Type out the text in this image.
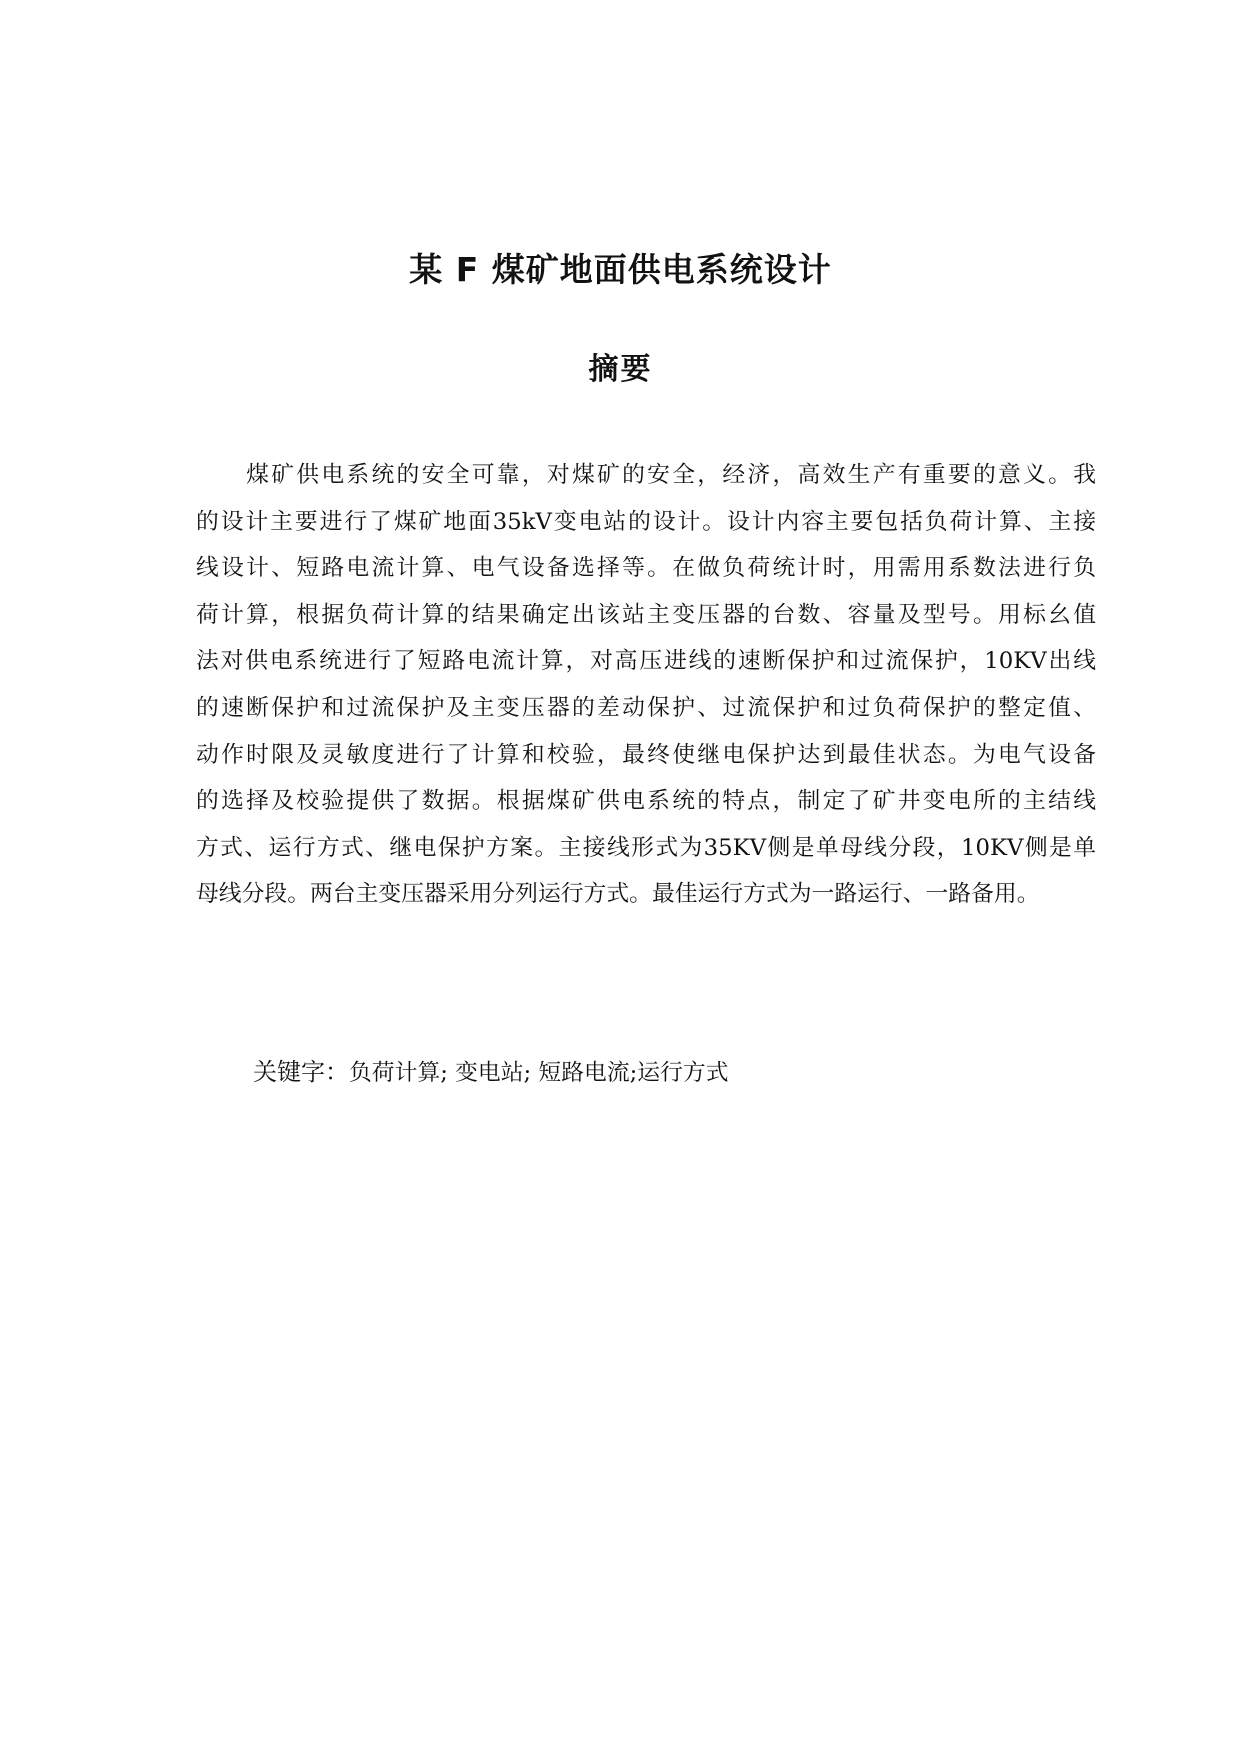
某 F 煤矿地面供电系统设计
摘要
　　煤矿供电系统的安全可靠，对煤矿的安全，经济，高效生产有重要的意义。我
的设计主要进行了煤矿地面35kV变电站的设计。设计内容主要包括负荷计算、主接
线设计、短路电流计算、电气设备选择等。在做负荷统计时，用需用系数法进行负
荷计算，根据负荷计算的结果确定出该站主变压器的台数、容量及型号。用标幺值
法对供电系统进行了短路电流计算，对高压进线的速断保护和过流保护，10KV出线
的速断保护和过流保护及主变压器的差动保护、过流保护和过负荷保护的整定值、
动作时限及灵敏度进行了计算和校验，最终使继电保护达到最佳状态。为电气设备
的选择及校验提供了数据。根据煤矿供电系统的特点，制定了矿井变电所的主结线
方式、运行方式、继电保护方案。主接线形式为35KV侧是单母线分段，10KV侧是单
母线分段。两台主变压器采用分列运行方式。最佳运行方式为一路运行、一路备用。
关键字：负荷计算; 变电站; 短路电流;运行方式
